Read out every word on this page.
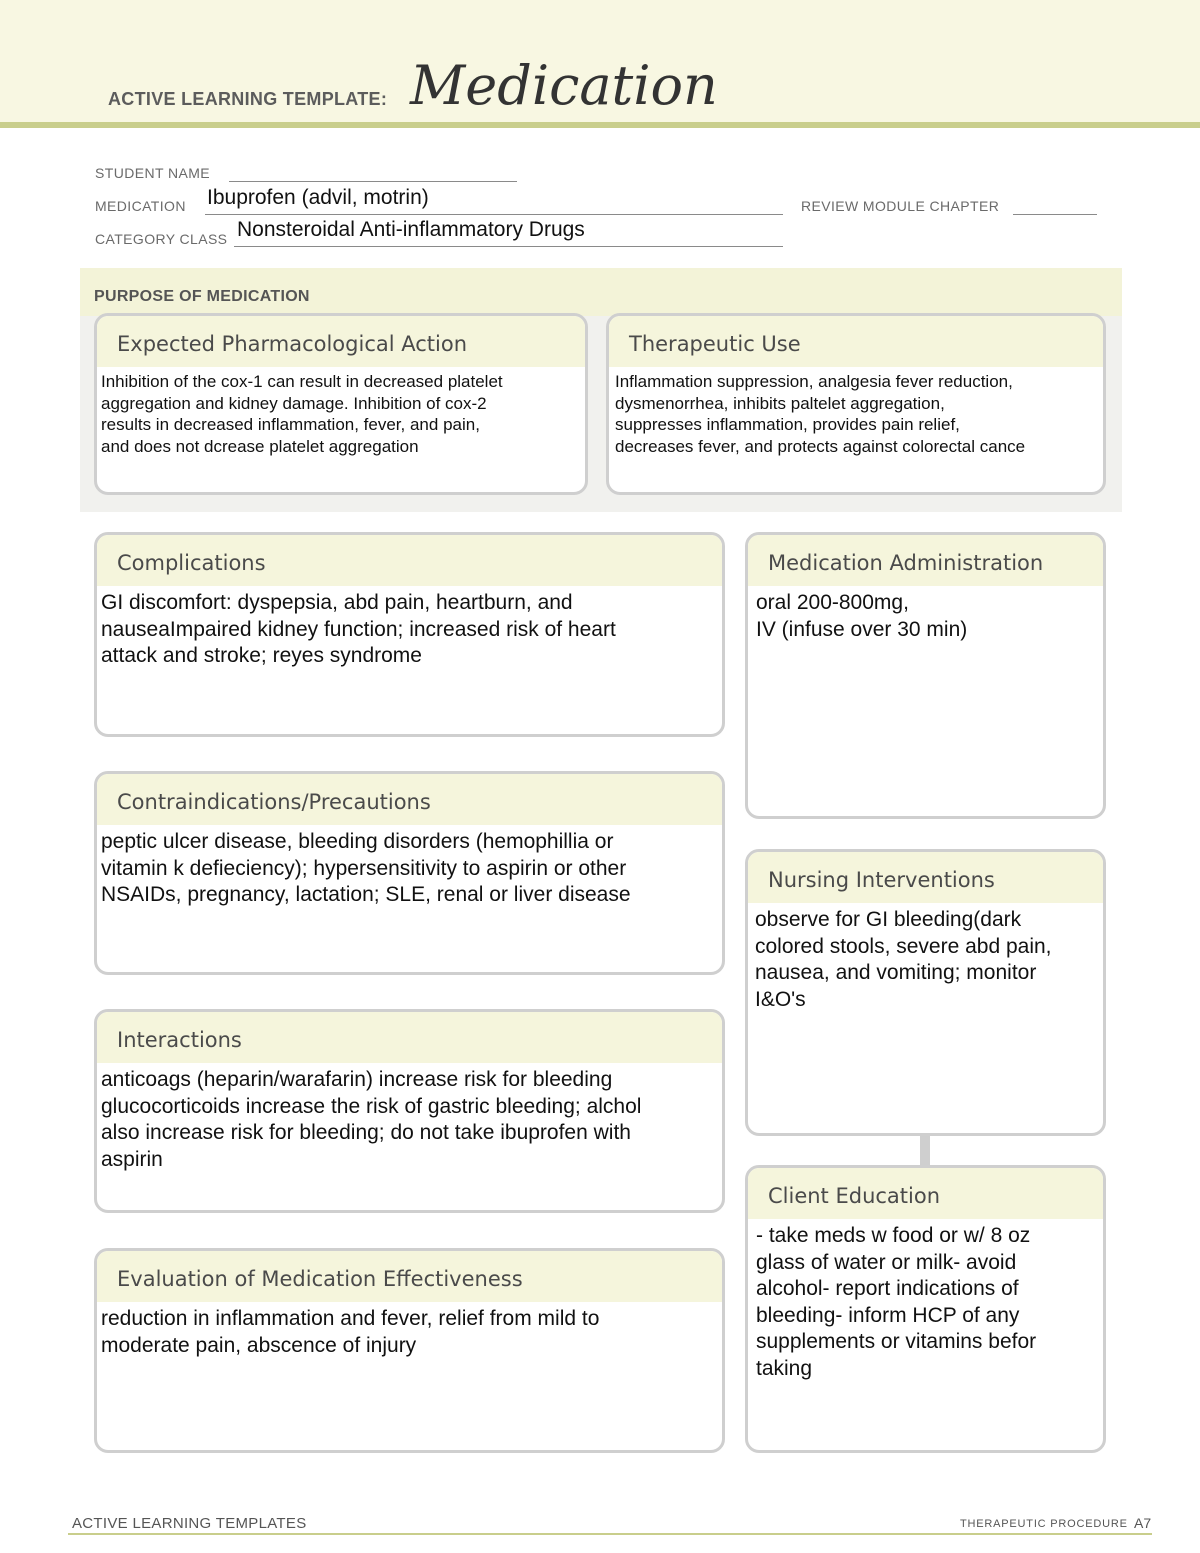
ACTIVE LEARNING TEMPLATE: Medication
STUDENT NAME
MEDICATION Ibuprofen (advil, motrin)	REVIEW MODULE CHAPTER
CATEGORY CLASS Nonsteroidal Anti-inflammatory Drugs
PURPOSE OF MEDICATION
Expected Pharmacological Action
Inhibition of the cox-1 can result in decreased platelet
aggregation and kidney damage. Inhibition of cox-2
results in decreased inflammation, fever, and pain,
and does not dcrease platelet aggregation
Therapeutic Use
Inflammation suppression, analgesia fever reduction,
dysmenorrhea, inhibits paltelet aggregation,
suppresses inflammation, provides pain relief,
decreases fever, and protects against colorectal cance
Complications
GI discomfort: dyspepsia, abd pain, heartburn, and
nauseaImpaired kidney function; increased risk of heart
attack and stroke; reyes syndrome
Contraindications/Precautions
peptic ulcer disease, bleeding disorders (hemophillia or
vitamin k defieciency); hypersensitivity to aspirin or other
NSAIDs, pregnancy, lactation; SLE, renal or liver disease
Interactions
anticoags (heparin/warafarin) increase risk for bleeding
glucocorticoids increase the risk of gastric bleeding; alchol
also increase risk for bleeding; do not take ibuprofen with
aspirin
Evaluation of Medication Effectiveness
reduction in inflammation and fever, relief from mild to
moderate pain, abscence of injury
Medication Administration
oral 200-800mg,
IV (infuse over 30 min)
Nursing Interventions
observe for GI bleeding(dark
colored stools, severe abd pain,
nausea, and vomiting; monitor
I&O's
Client Education
- take meds w food or w/ 8 oz
glass of water or milk- avoid
alcohol- report indications of
bleeding- inform HCP of any
supplements or vitamins befor
taking
ACTIVE LEARNING TEMPLATES	THERAPEUTIC PROCEDURE A7
